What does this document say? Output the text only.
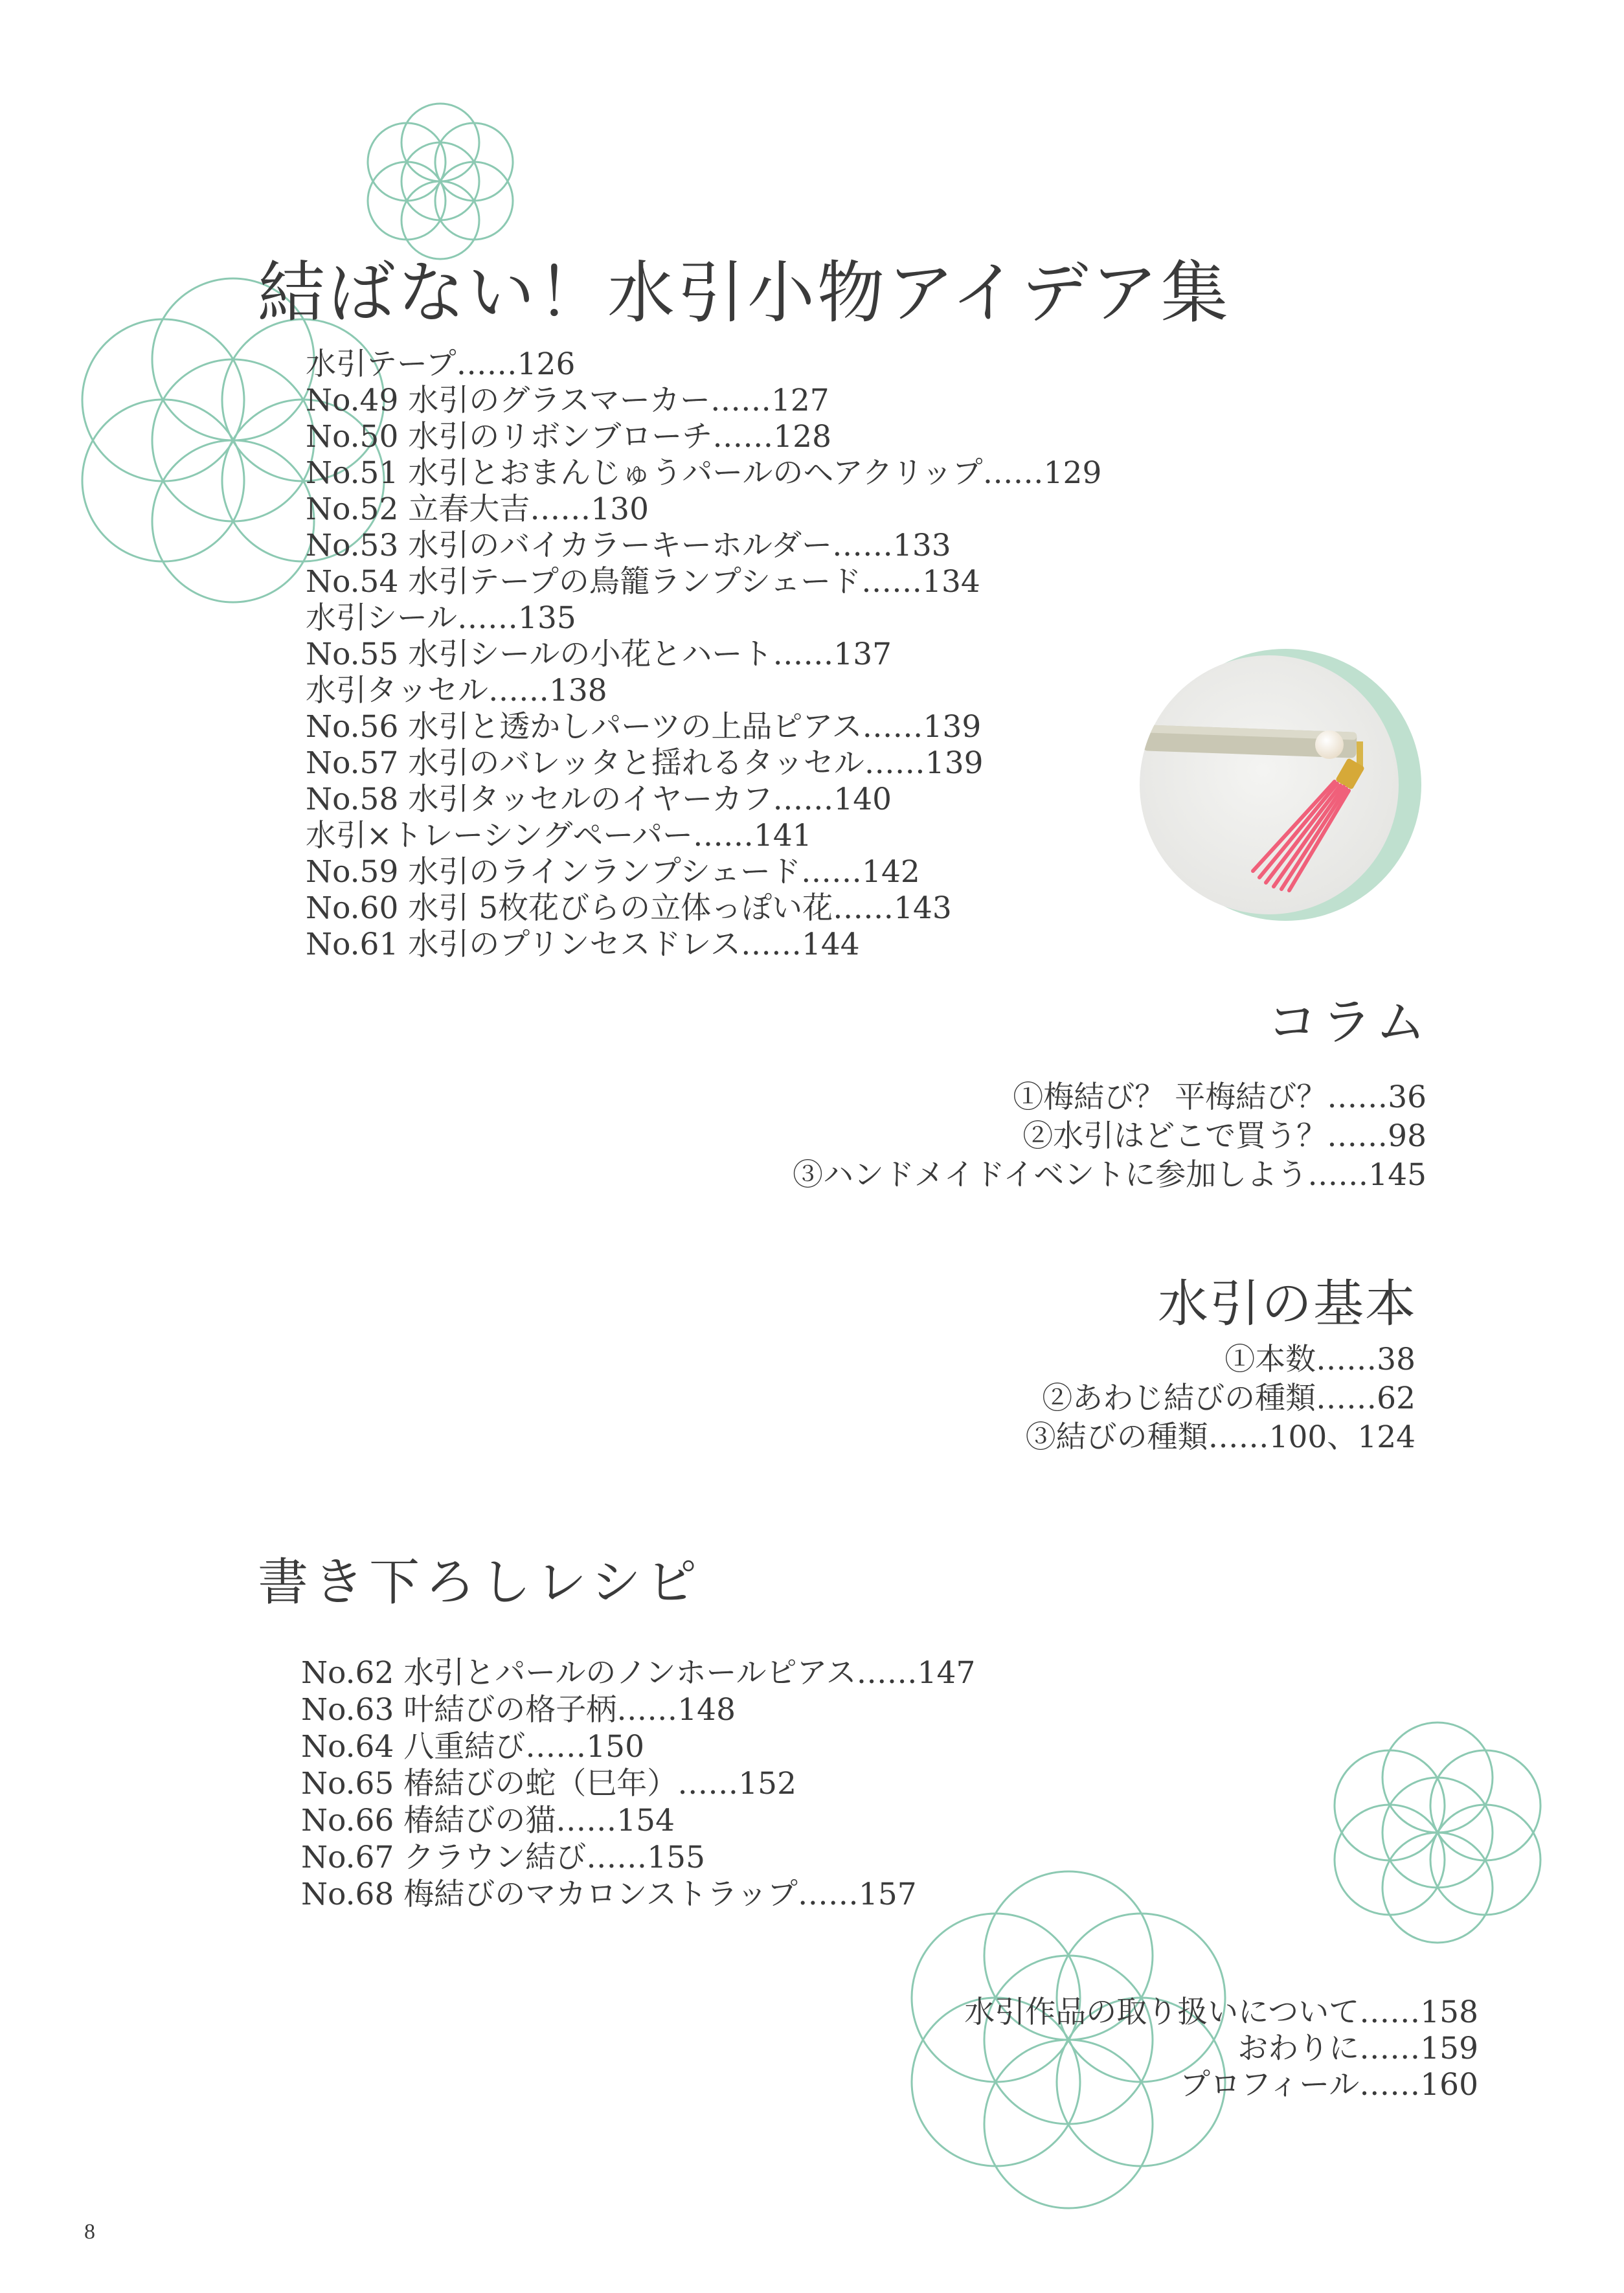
結ばない！水引小物アイデア集
水引テープ……126
No.49 水引のグラスマーカー……127
No.50 水引のリボンブローチ……128
No.51 水引とおまんじゅうパールのヘアクリップ……129
No.52 立春大吉……130
No.53 水引のバイカラーキーホルダー……133
No.54 水引テープの鳥籠ランプシェード……134
水引シール……135
No.55 水引シールの小花とハート……137
水引タッセル……138
No.56 水引と透かしパーツの上品ピアス……139
No.57 水引のバレッタと揺れるタッセル……139
No.58 水引タッセルのイヤーカフ……140
水引×トレーシングペーパー……141
No.59 水引のラインランプシェード……142
No.60 水引 5枚花びらの立体っぽい花……143
No.61 水引のプリンセスドレス……144
コラム
①梅結び？ 平梅結び？……36
②水引はどこで買う？……98
③ハンドメイドイベントに参加しよう……145
水引の基本
①本数……38
②あわじ結びの種類……62
③結びの種類……100、124
書き下ろしレシピ
No.62 水引とパールのノンホールピアス……147
No.63 叶結びの格子柄……148
No.64 八重結び……150
No.65 椿結びの蛇（巳年）……152
No.66 椿結びの猫……154
No.67 クラウン結び……155
No.68 梅結びのマカロンストラップ……157
水引作品の取り扱いについて……158
おわりに……159
プロフィール……160
8
